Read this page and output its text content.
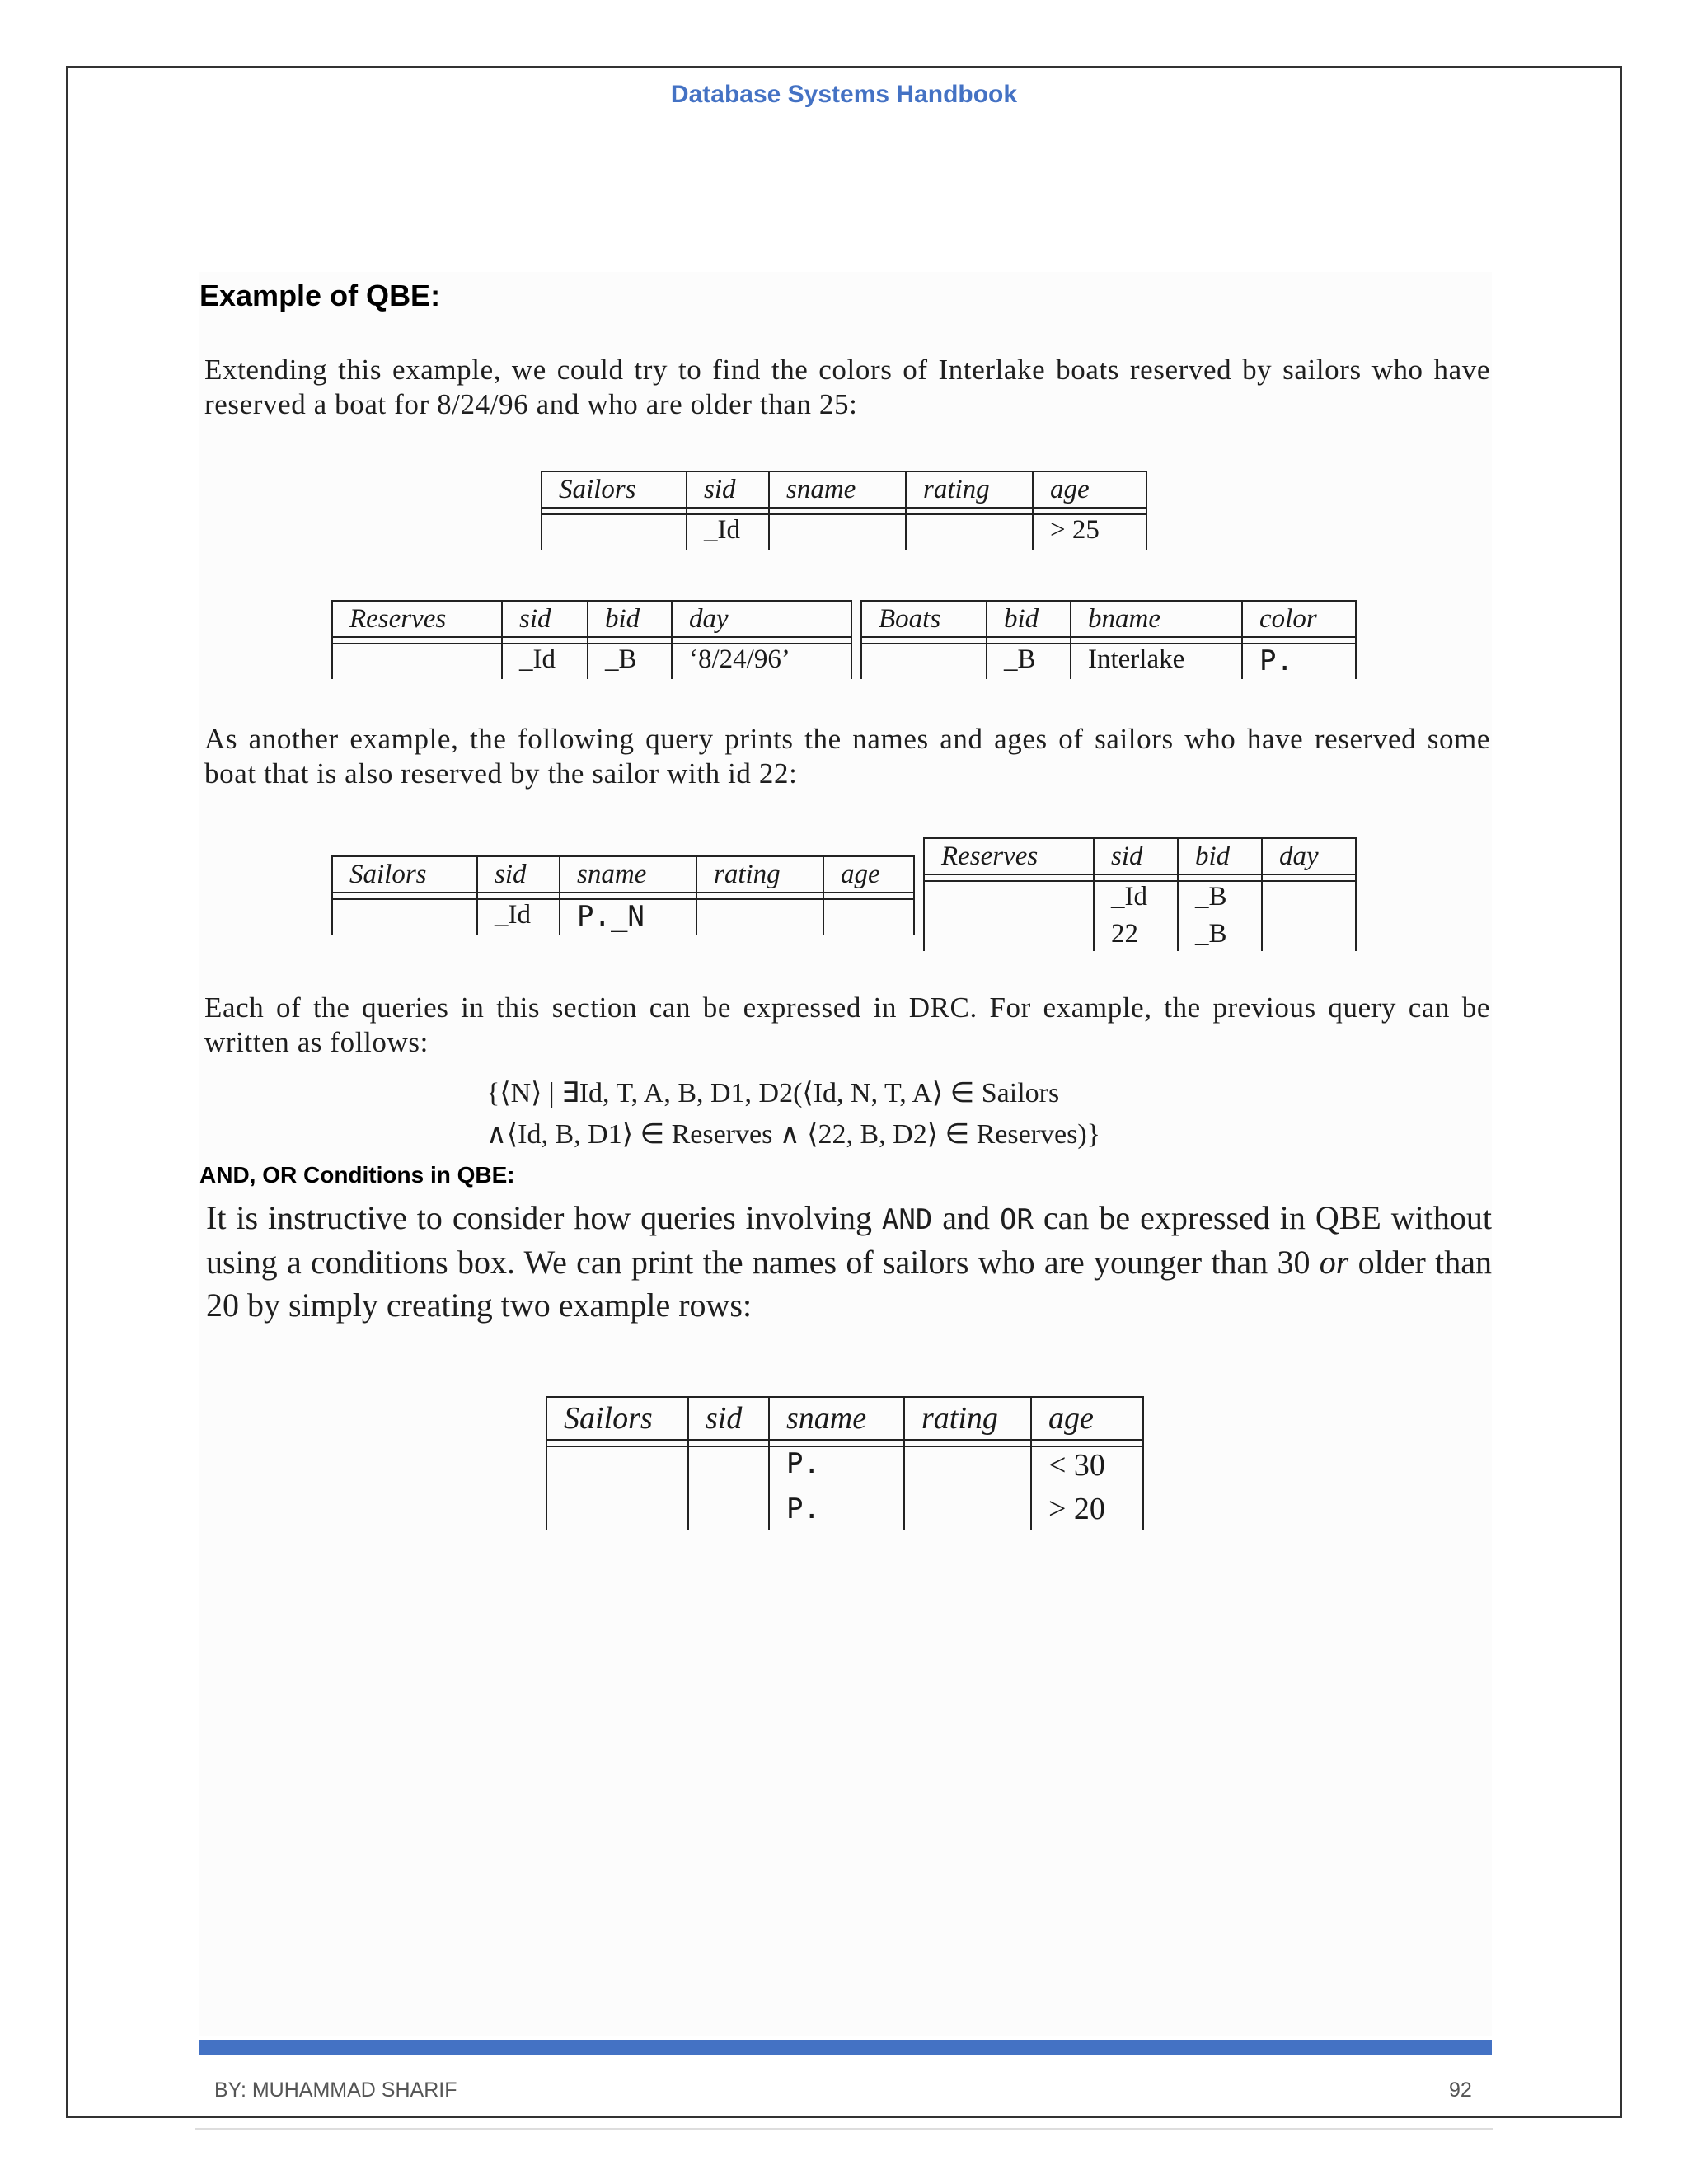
Database Systems Handbook
Example of QBE:

Extending this example, we could try to find the colors of Interlake boats reserved by sailors who have reserved a boat for 8/24/96 and who are older than 25:

Sailors	sid	sname	rating	age

	_Id			> 25
Reserves	sid	bid	day

	_Id	_B	‘8/24/96’
Boats	bid	bname	color

	_B	Interlake	P.

As another example, the following query prints the names and ages of sailors who have reserved some boat that is also reserved by the sailor with id 22:

Sailors	sid	sname	rating	age

	_Id	P._N		
Reserves	sid	bid	day

	_Id	_B	
	22	_B	

Each of the queries in this section can be expressed in DRC. For example, the previous query can be written as follows:

{⟨N⟩ | ∃Id, T, A, B, D1, D2(⟨Id, N, T, A⟩ ∈ Sailors
∧⟨Id, B, D1⟩ ∈ Reserves ∧ ⟨22, B, D2⟩ ∈ Reserves)}
AND, OR Conditions in QBE:

It is instructive to consider how queries involving AND and OR can be expressed in QBE without using a conditions box. We can print the names of sailors who are younger than 30 or older than 20 by simply creating two example rows:

Sailors	sid	sname	rating	age

		P.		< 30
		P.		> 20
BY: MUHAMMAD SHARIF	92
